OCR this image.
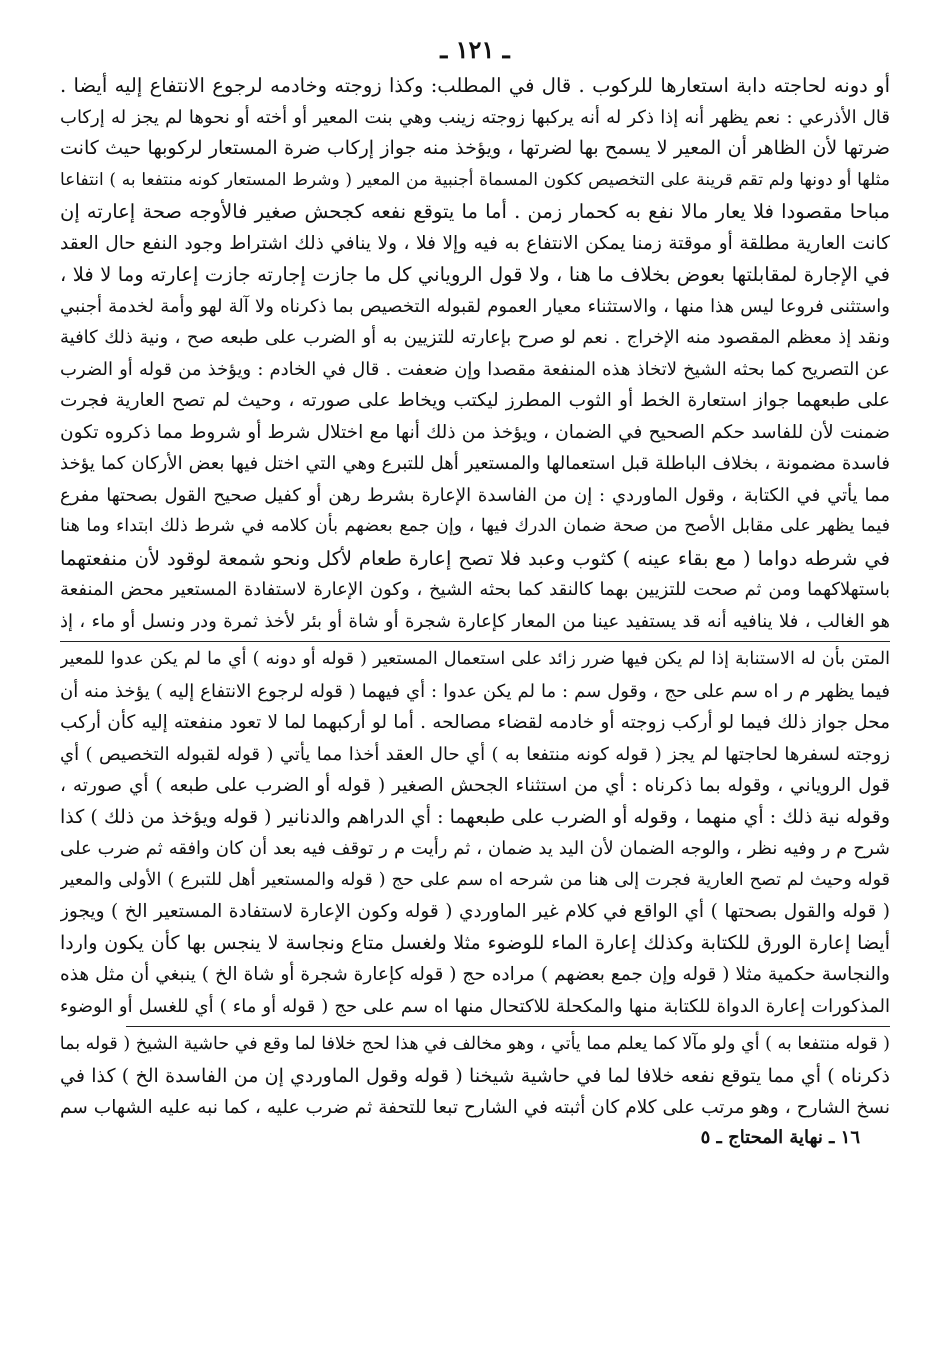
ـ ١٢١ ـ
أو دونه لحاجته دابة استعارها للركوب . قال في المطلب: وكذا زوجته وخادمه لرجوع الانتفاع إليه أيضا .
قال الأذرعي : نعم يظهر أنه إذا ذكر له أنه يركبها زوجته زينب وهي بنت المعير أو أخته أو نحوها لم يجز له إركاب
ضرتها لأن الظاهر أن المعير لا يسمح بها لضرتها ، ويؤخذ منه جواز إركاب ضرة المستعار لركوبها حيث كانت
مثلها أو دونها ولم تقم قرينة على التخصيص ككون المسماة أجنبية من المعير ( وشرط المستعار كونه منتفعا به ) انتفاعا
مباحا مقصودا فلا يعار مالا نفع به كحمار زمن . أما ما يتوقع نفعه كجحش صغير فالأوجه صحة إعارته إن
كانت العارية مطلقة أو موقتة زمنا يمكن الانتفاع به فيه وإلا فلا ، ولا ينافي ذلك اشتراط وجود النفع حال العقد
في الإجارة لمقابلتها بعوض بخلاف ما هنا ، ولا قول الروياني كل ما جازت إجارته جازت إعارته وما لا فلا ،
واستثنى فروعا ليس هذا منها ، والاستثناء معيار العموم لقبوله التخصيص بما ذكرناه ولا آلة لهو وأمة لخدمة أجنبي
ونقد إذ معظم المقصود منه الإخراج . نعم لو صرح بإعارته للتزيين به أو الضرب على طبعه صح ، ونية ذلك كافية
عن التصريح كما بحثه الشيخ لاتخاذ هذه المنفعة مقصدا وإن ضعفت . قال في الخادم : ويؤخذ من قوله أو الضرب
على طبعهما جواز استعارة الخط أو الثوب المطرز ليكتب ويخاط على صورته ، وحيث لم تصح العارية فجرت
ضمنت لأن للفاسد حكم الصحيح في الضمان ، ويؤخذ من ذلك أنها مع اختلال شرط أو شروط مما ذكروه تكون
فاسدة مضمونة ، بخلاف الباطلة قبل استعمالها والمستعير أهل للتبرع وهي التي اختل فيها بعض الأركان كما يؤخذ
مما يأتي في الكتابة ، وقول الماوردي : إن من الفاسدة الإعارة بشرط رهن أو كفيل صحيح القول بصحتها مفرع
فيما يظهر على مقابل الأصح من صحة ضمان الدرك فيها ، وإن جمع بعضهم بأن كلامه في شرط ذلك ابتداء وما هنا
في شرطه دواما ( مع بقاء عينه ) كثوب وعبد فلا تصح إعارة طعام لأكل ونحو شمعة لوقود لأن منفعتهما
باستهلاكهما ومن ثم صحت للتزيين بهما كالنقد كما بحثه الشيخ ، وكون الإعارة لاستفادة المستعير محض المنفعة
هو الغالب ، فلا ينافيه أنه قد يستفيد عينا من المعار كإعارة شجرة أو شاة أو بئر لأخذ ثمرة ودر ونسل أو ماء ، إذ
المتن بأن له الاستنابة إذا لم يكن فيها ضرر زائد على استعمال المستعير ( قوله أو دونه ) أي ما لم يكن عدوا للمعير
فيما يظهر م ر اه سم على حج ، وقول سم : ما لم يكن عدوا : أي فيهما ( قوله لرجوع الانتفاع إليه ) يؤخذ منه أن
محل جواز ذلك فيما لو أركب زوجته أو خادمه لقضاء مصالحه . أما لو أركبهما لما لا تعود منفعته إليه كأن أركب
زوجته لسفرها لحاجتها لم يجز ( قوله كونه منتفعا به ) أي حال العقد أخذا مما يأتي ( قوله لقبوله التخصيص ) أي
قول الروياني ، وقوله بما ذكرناه : أي من استثناء الجحش الصغير ( قوله أو الضرب على طبعه ) أي صورته ،
وقوله نية ذلك : أي منهما ، وقوله أو الضرب على طبعهما : أي الدراهم والدنانير ( قوله ويؤخذ من ذلك ) كذا
شرح م ر وفيه نظر ، والوجه الضمان لأن اليد يد ضمان ، ثم رأيت م ر توقف فيه بعد أن كان وافقه ثم ضرب على
قوله وحيث لم تصح العارية فجرت إلى هنا من شرحه اه سم على حج ( قوله والمستعير أهل للتبرع ) الأولى والمعير
( قوله والقول بصحتها ) أي الواقع في كلام غير الماوردي ( قوله وكون الإعارة لاستفادة المستعير الخ ) ويجوز
أيضا إعارة الورق للكتابة وكذلك إعارة الماء للوضوء مثلا ولغسل متاع ونجاسة لا ينجس بها كأن يكون واردا
والنجاسة حكمية مثلا ( قوله وإن جمع بعضهم ) مراده حج ( قوله كإعارة شجرة أو شاة الخ ) ينبغي أن مثل هذه
المذكورات إعارة الدواة للكتابة منها والمكحلة للاكتحال منها اه سم على حج ( قوله أو ماء ) أي للغسل أو الوضوء
( قوله منتفعا به ) أي ولو مآلا كما يعلم مما يأتي ، وهو مخالف في هذا لحج خلافا لما وقع في حاشية الشيخ ( قوله بما
ذكرناه ) أي مما يتوقع نفعه خلافا لما في حاشية شيخنا ( قوله وقول الماوردي إن من الفاسدة الخ ) كذا في
نسخ الشارح ، وهو مرتب على كلام كان أثبته في الشارح تبعا للتحفة ثم ضرب عليه ، كما نبه عليه الشهاب سم
١٦ ـ نهاية المحتاج ـ ٥
